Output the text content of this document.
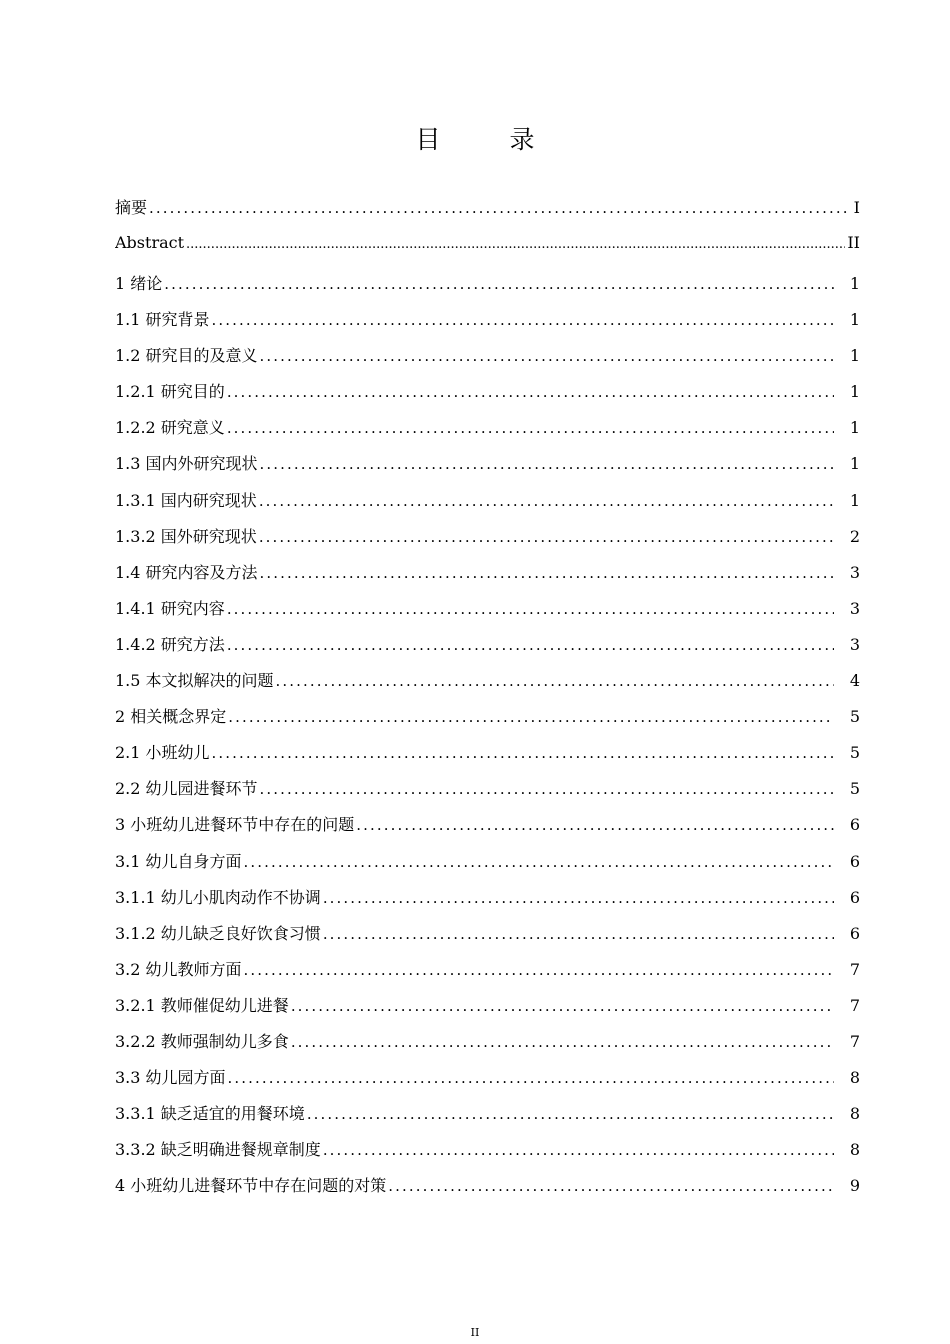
目　录
摘要 .....	I
Abstract .....	II
1 绪论 .....	1
1.1 研究背景 .....	1
1.2 研究目的及意义 .....	1
1.2.1 研究目的 .....	1
1.2.2 研究意义 .....	1
1.3 国内外研究现状 .....	1
1.3.1 国内研究现状 .....	1
1.3.2 国外研究现状 .....	2
1.4 研究内容及方法 .....	3
1.4.1 研究内容 .....	3
1.4.2 研究方法 .....	3
1.5 本文拟解决的问题 .....	4
2 相关概念界定 .....	5
2.1 小班幼儿 .....	5
2.2 幼儿园进餐环节 .....	5
3 小班幼儿进餐环节中存在的问题 .....	6
3.1 幼儿自身方面 .....	6
3.1.1 幼儿小肌肉动作不协调 .....	6
3.1.2 幼儿缺乏良好饮食习惯 .....	6
3.2 幼儿教师方面 .....	7
3.2.1 教师催促幼儿进餐 .....	7
3.2.2 教师强制幼儿多食 .....	7
3.3 幼儿园方面 .....	8
3.3.1 缺乏适宜的用餐环境 .....	8
3.3.2 缺乏明确进餐规章制度 .....	8
4 小班幼儿进餐环节中存在问题的对策 .....	9
II
